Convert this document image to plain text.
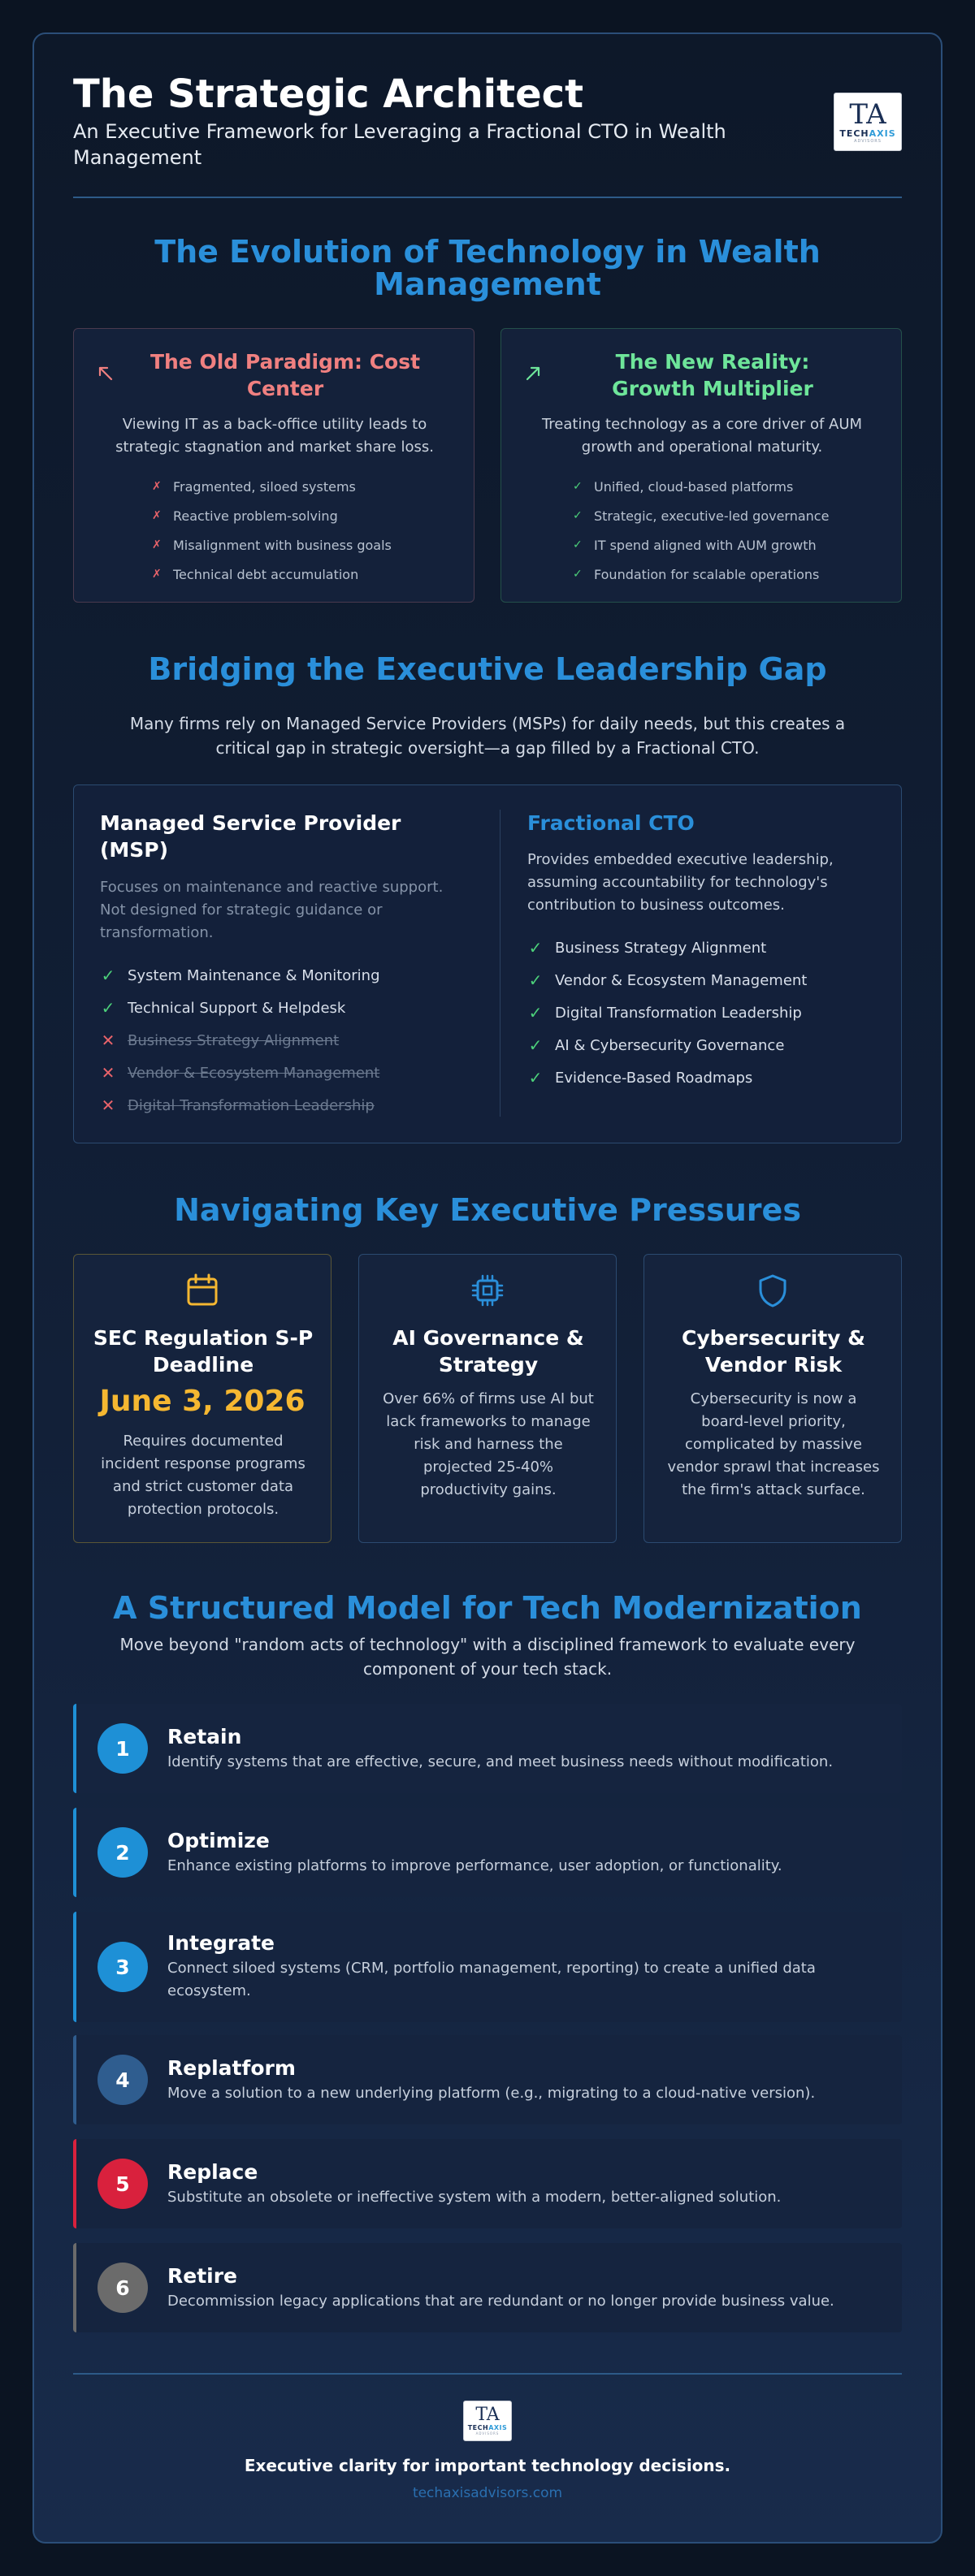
The Strategic Architect
An Executive Framework for Leveraging a Fractional CTO in Wealth Management
TA
TECHAXIS
ADVISORS
The Evolution of Technology in Wealth Management
The Old Paradigm: Cost Center
Viewing IT as a back-office utility leads to strategic stagnation and market share loss.
✗ Fragmented, siloed systems
✗ Reactive problem-solving
✗ Misalignment with business goals
✗ Technical debt accumulation
The New Reality: Growth Multiplier
Treating technology as a core driver of AUM growth and operational maturity.
✓ Unified, cloud-based platforms
✓ Strategic, executive-led governance
✓ IT spend aligned with AUM growth
✓ Foundation for scalable operations
Bridging the Executive Leadership Gap
Many firms rely on Managed Service Providers (MSPs) for daily needs, but this creates a critical gap in strategic oversight—a gap filled by a Fractional CTO.
Managed Service Provider (MSP)
Focuses on maintenance and reactive support. Not designed for strategic guidance or transformation.
✓ System Maintenance & Monitoring
✓ Technical Support & Helpdesk
✕ Business Strategy Alignment
✕ Vendor & Ecosystem Management
✕ Digital Transformation Leadership
Fractional CTO
Provides embedded executive leadership, assuming accountability for technology's contribution to business outcomes.
✓ Business Strategy Alignment
✓ Vendor & Ecosystem Management
✓ Digital Transformation Leadership
✓ AI & Cybersecurity Governance
✓ Evidence-Based Roadmaps
Navigating Key Executive Pressures
SEC Regulation S-P Deadline
June 3, 2026
Requires documented incident response programs and strict customer data protection protocols.
AI Governance & Strategy
Over 66% of firms use AI but lack frameworks to manage risk and harness the projected 25-40% productivity gains.
Cybersecurity & Vendor Risk
Cybersecurity is now a board-level priority, complicated by massive vendor sprawl that increases the firm's attack surface.
A Structured Model for Tech Modernization
Move beyond "random acts of technology" with a disciplined framework to evaluate every component of your tech stack.
1	Retain
Identify systems that are effective, secure, and meet business needs without modification.
2	Optimize
Enhance existing platforms to improve performance, user adoption, or functionality.
3
Integrate
Connect siloed systems (CRM, portfolio management, reporting) to create a unified data ecosystem.
4	Replatform
Move a solution to a new underlying platform (e.g., migrating to a cloud-native version).
5	Replace
Substitute an obsolete or ineffective system with a modern, better-aligned solution.
6	Retire
Decommission legacy applications that are redundant or no longer provide business value.
TA
TECHAXIS
ADVISORS
Executive clarity for important technology decisions.
techaxisadvisors.com
